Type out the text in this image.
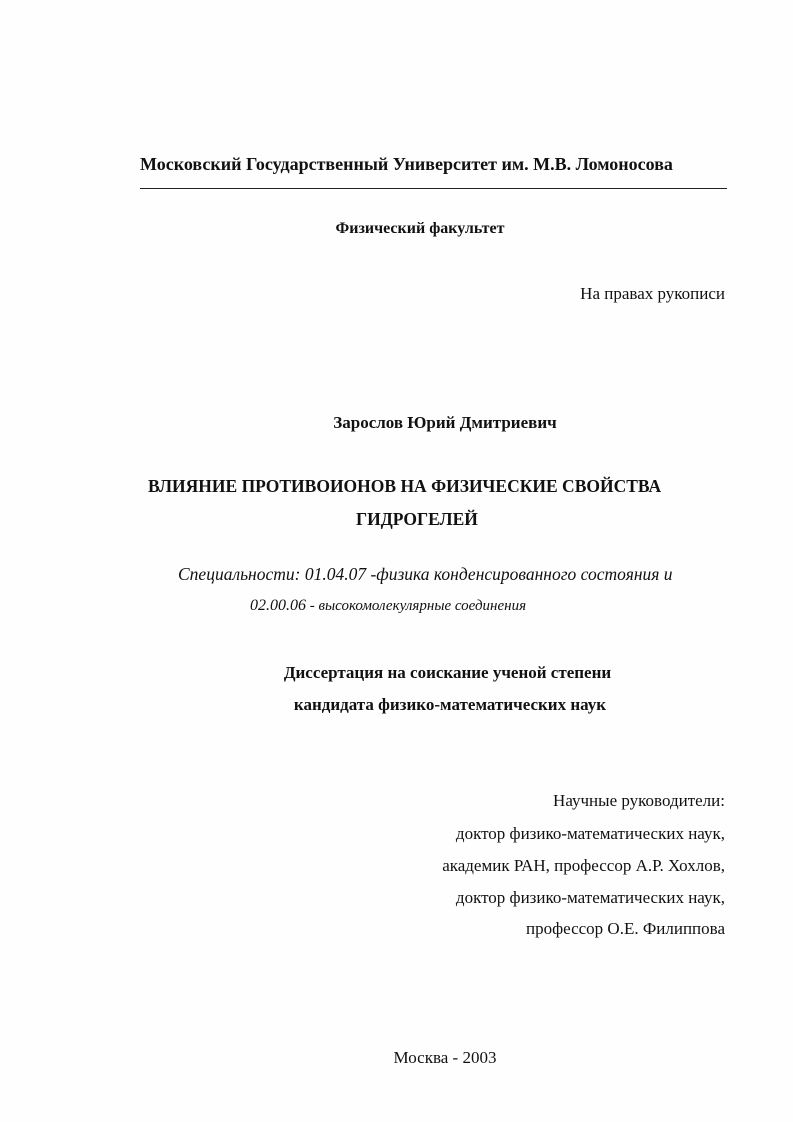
Московский Государственный Университет им. М.В. Ломоносова
Физический факультет
На правах рукописи
Зарослов Юрий Дмитриевич
ВЛИЯНИЕ ПРОТИВОИОНОВ НА ФИЗИЧЕСКИЕ СВОЙСТВА
ГИДРОГЕЛЕЙ
Специальности: 01.04.07 -физика конденсированного состояния и
02.00.06 - высокомолекулярные соединения
Диссертация на соискание ученой степени
кандидата физико-математических наук
Научные руководители:
доктор физико-математических наук,
академик РАН, профессор А.Р. Хохлов,
доктор физико-математических наук,
профессор О.Е. Филиппова
Москва - 2003
